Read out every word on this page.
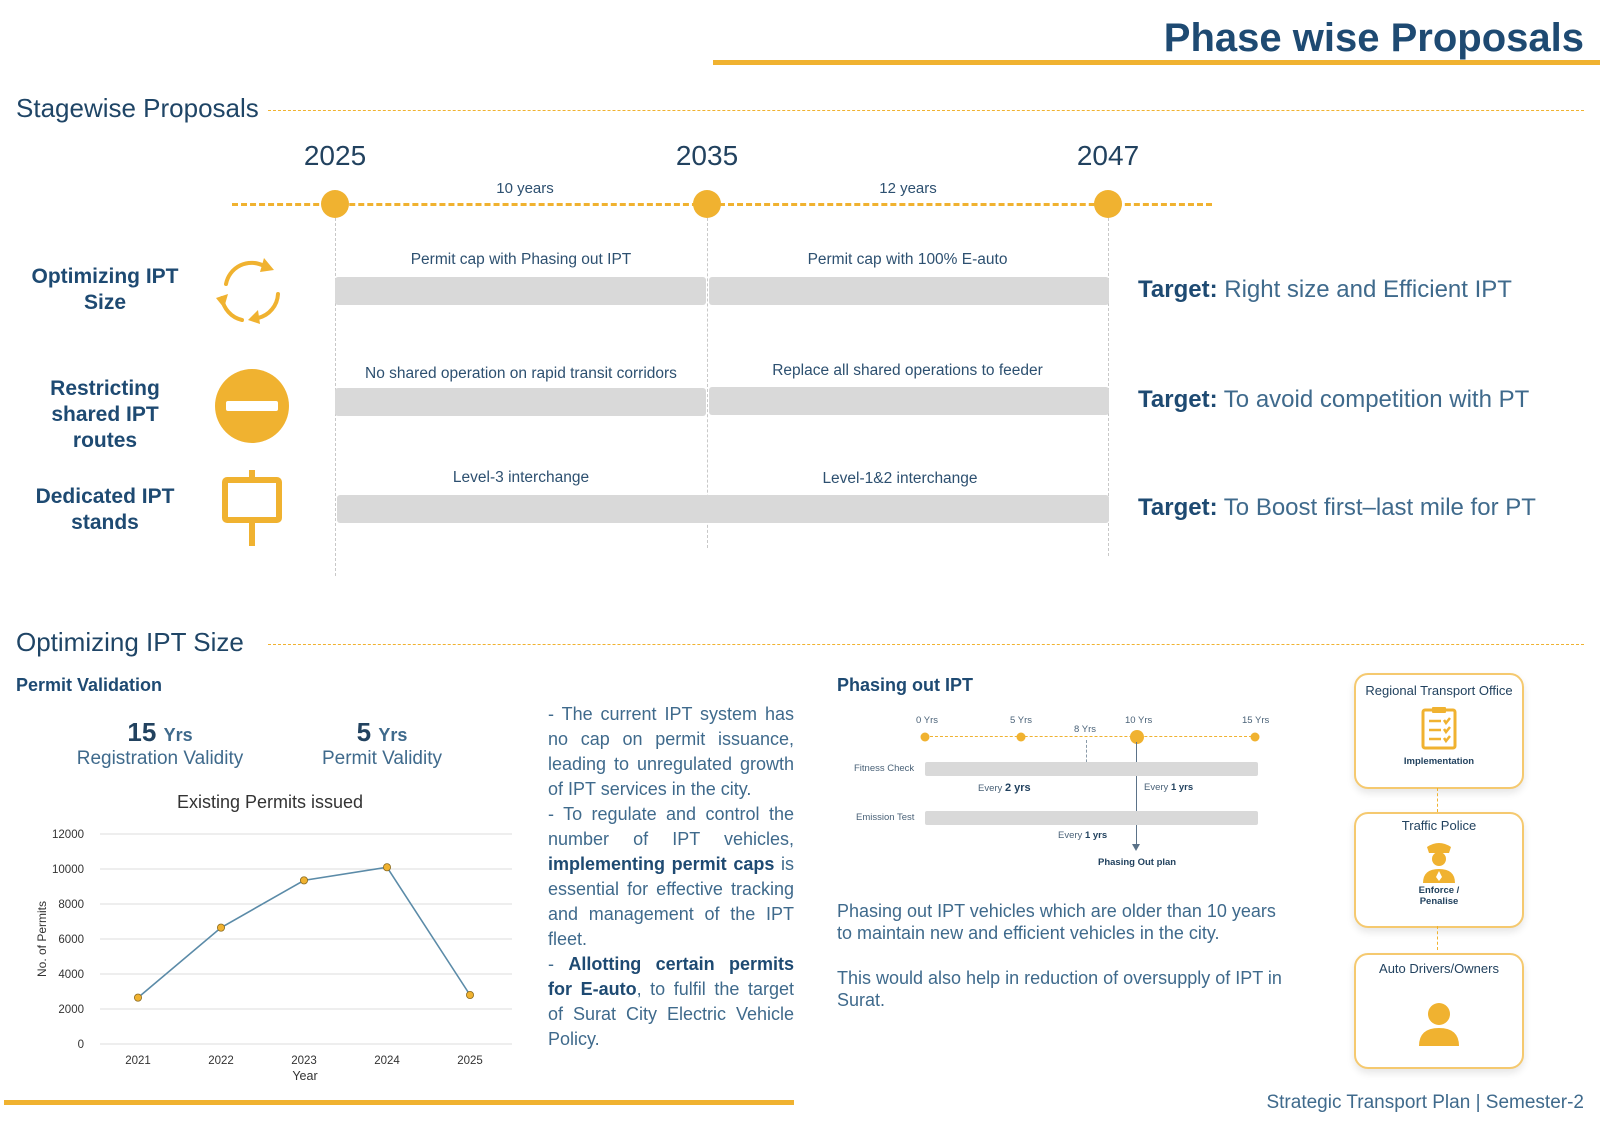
Phase wise Proposals
Stagewise Proposals
2025	2035	2047
10 years	12 years
Optimizing IPT Size
Permit cap with Phasing out IPT	Permit cap with 100% E-auto
Target: Right size and Efficient IPT
Restricting shared IPT routes
No shared operation on rapid transit corridors	Replace all shared operations to feeder
Target: To avoid competition with PT
Dedicated IPT stands
Level-3 interchange	Level-1&2 interchange
Target: To Boost first–last mile for PT
Optimizing IPT Size
Permit Validation
15 Yrs
Registration Validity
5 Yrs
Permit Validity
Existing Permits issued
12000
10000
8000
6000
4000
2000
0
No. of Permits
Year
2021	2022	2023	2024	2025
- The current IPT system has no cap on permit issuance, leading to unregulated growth of IPT services in the city.
- To regulate and control the number of IPT vehicles, implementing permit caps is essential for effective tracking and management of the IPT fleet.
- Allotting certain permits for E-auto, to fulfil the target of Surat City Electric Vehicle Policy.
Phasing out IPT
0 Yrs	5 Yrs
8 Yrs
10 Yrs	15 Yrs
Fitness Check
Every 2 yrs	Every 1 yrs
Emission Test
Every 1 yrs
Phasing Out plan
Phasing out IPT vehicles which are older than 10 years to maintain new and efficient vehicles in the city.
This would also help in reduction of oversupply of IPT in Surat.
Regional Transport Office
Implementation
Traffic Police
Enforce / Penalise
Auto Drivers/Owners
Strategic Transport Plan | Semester-2
